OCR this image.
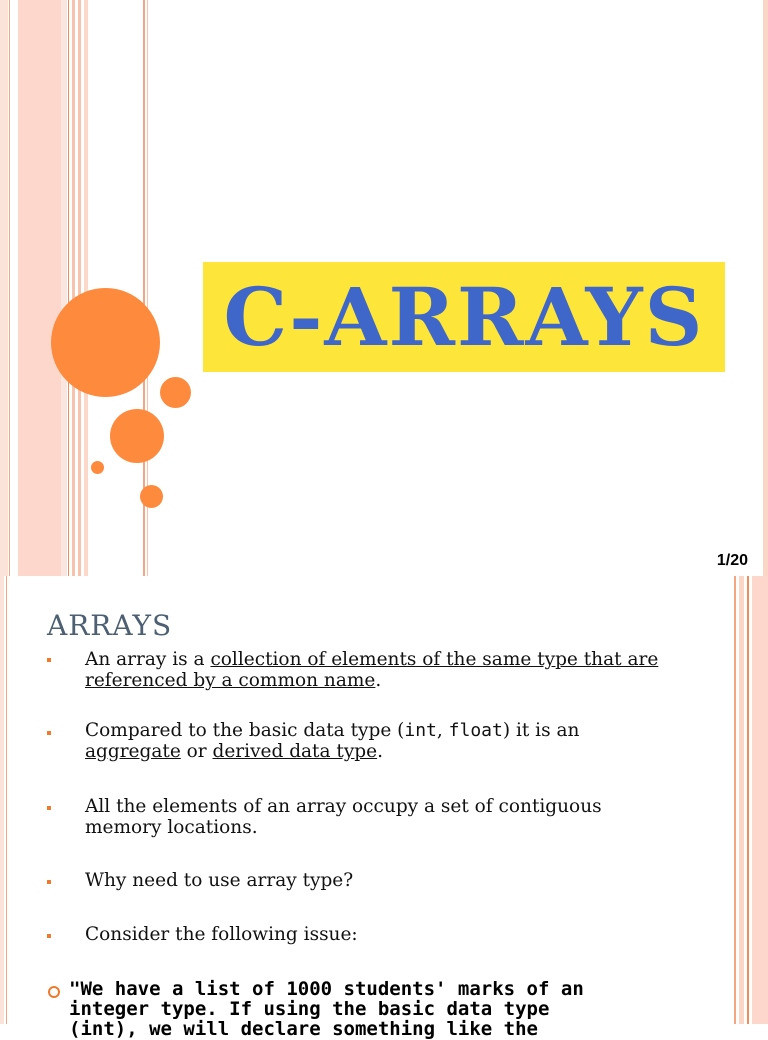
C-ARRAYS
1/20
ARRAYS
An array is a collection of elements of the same type that are
referenced by a common name.
Compared to the basic data type (int, float) it is an
aggregate or derived data type.
All the elements of an array occupy a set of contiguous
memory locations.
Why need to use array type?
Consider the following issue:
"We have a list of 1000 students' marks of an
integer type. If using the basic data type
(int), we will declare something like the
